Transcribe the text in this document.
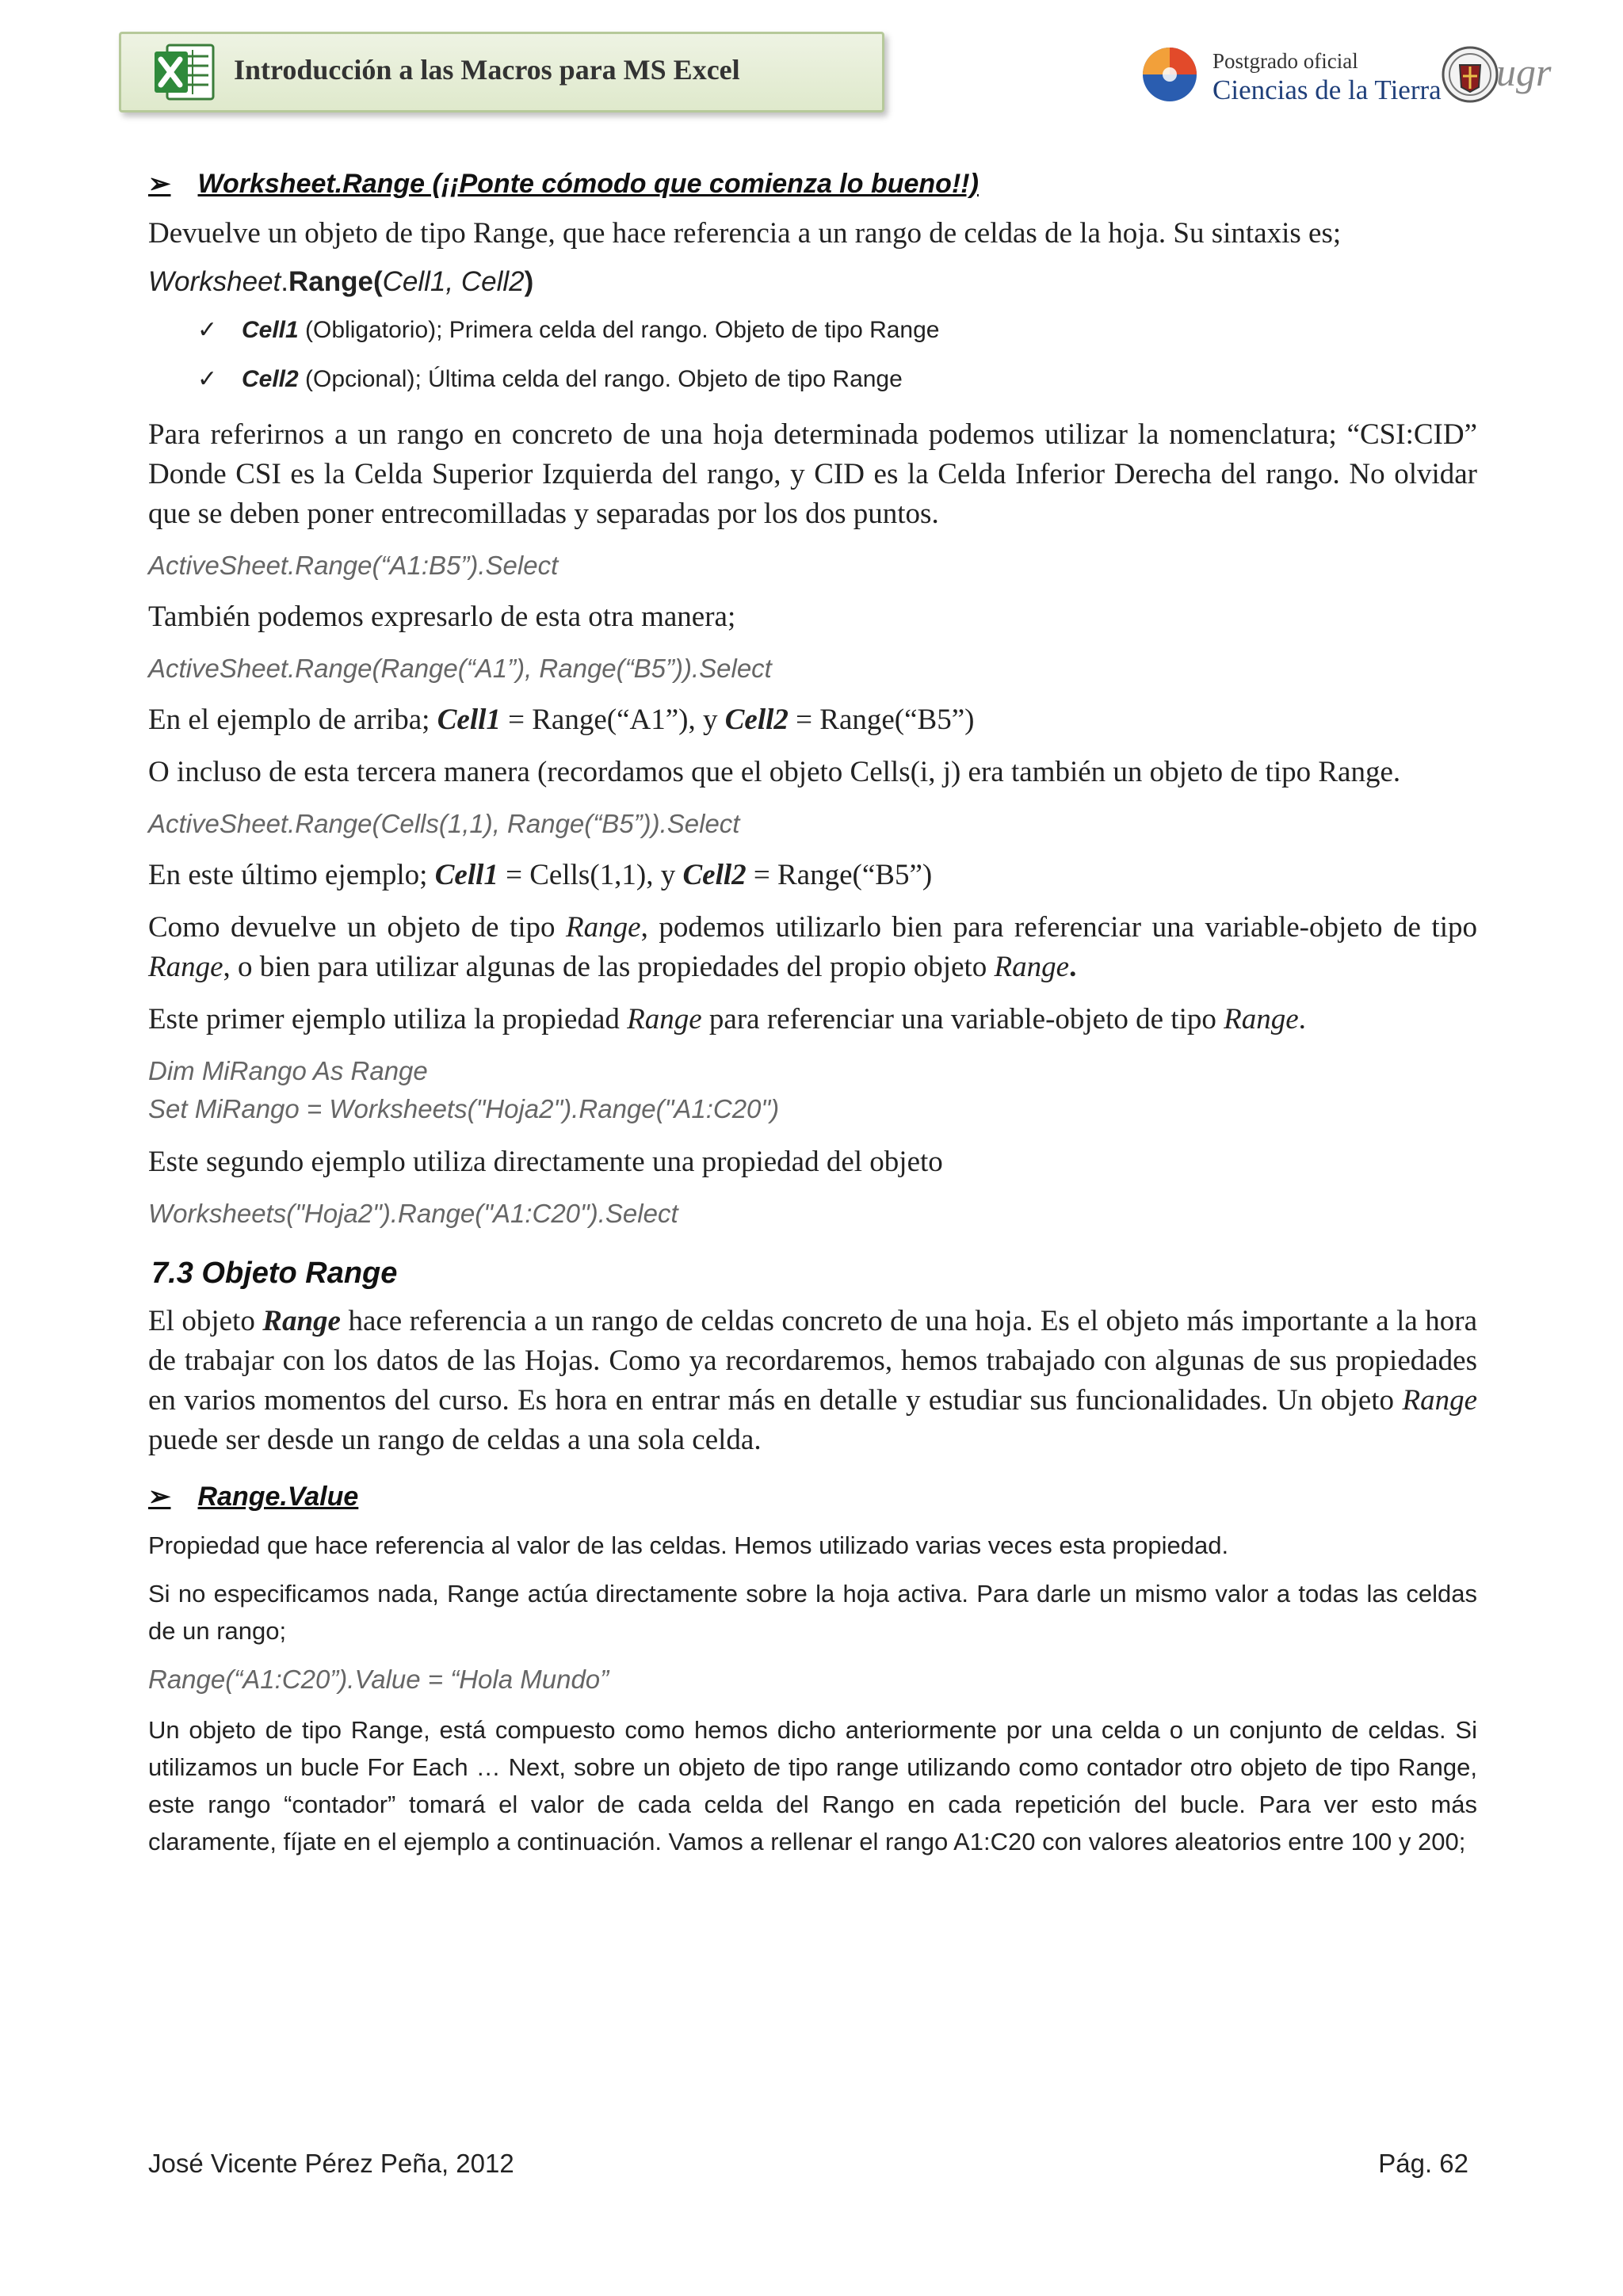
Introducción a las Macros para MS Excel	Postgrado oficial
Ciencias de la Tierra ugr
➢ Worksheet.Range (¡¡Ponte cómodo que comienza lo bueno!!)

Devuelve un objeto de tipo Range, que hace referencia a un rango de celdas de la hoja. Su sintaxis es;

Worksheet.Range(Cell1, Cell2)
✓ Cell1 (Obligatorio); Primera celda del rango. Objeto de tipo Range
✓ Cell2 (Opcional); Última celda del rango. Objeto de tipo Range

Para referirnos a un rango en concreto de una hoja determinada podemos utilizar la nomenclatura; “CSI:CID” Donde CSI es la Celda Superior Izquierda del rango, y CID es la Celda Inferior Derecha del rango. No olvidar que se deben poner entrecomilladas y separadas por los dos puntos.

ActiveSheet.Range(“A1:B5”).Select

También podemos expresarlo de esta otra manera;

ActiveSheet.Range(Range(“A1”), Range(“B5”)).Select

En el ejemplo de arriba; Cell1 = Range(“A1”), y Cell2 = Range(“B5”)

O incluso de esta tercera manera (recordamos que el objeto Cells(i, j) era también un objeto de tipo Range.

ActiveSheet.Range(Cells(1,1), Range(“B5”)).Select

En este último ejemplo; Cell1 = Cells(1,1), y Cell2 = Range(“B5”)

Como devuelve un objeto de tipo Range, podemos utilizarlo bien para referenciar una variable-objeto de tipo Range, o bien para utilizar algunas de las propiedades del propio objeto Range.

Este primer ejemplo utiliza la propiedad Range para referenciar una variable-objeto de tipo Range.

Dim MiRango As Range
Set MiRango = Worksheets("Hoja2").Range("A1:C20")

Este segundo ejemplo utiliza directamente una propiedad del objeto

Worksheets("Hoja2").Range("A1:C20").Select
7.3 Objeto Range

El objeto Range hace referencia a un rango de celdas concreto de una hoja. Es el objeto más importante a la hora de trabajar con los datos de las Hojas. Como ya recordaremos, hemos trabajado con algunas de sus propiedades en varios momentos del curso. Es hora en entrar más en detalle y estudiar sus funcionalidades. Un objeto Range puede ser desde un rango de celdas a una sola celda.

➢ Range.Value

Propiedad que hace referencia al valor de las celdas. Hemos utilizado varias veces esta propiedad.

Si no especificamos nada, Range actúa directamente sobre la hoja activa. Para darle un mismo valor a todas las celdas de un rango;

Range(“A1:C20”).Value = “Hola Mundo”

Un objeto de tipo Range, está compuesto como hemos dicho anteriormente por una celda o un conjunto de celdas. Si utilizamos un bucle For Each … Next, sobre un objeto de tipo range utilizando como contador otro objeto de tipo Range, este rango “contador” tomará el valor de cada celda del Rango en cada repetición del bucle. Para ver esto más claramente, fíjate en el ejemplo a continuación. Vamos a rellenar el rango A1:C20 con valores aleatorios entre 100 y 200;

José Vicente Pérez Peña, 2012	Pág. 62
